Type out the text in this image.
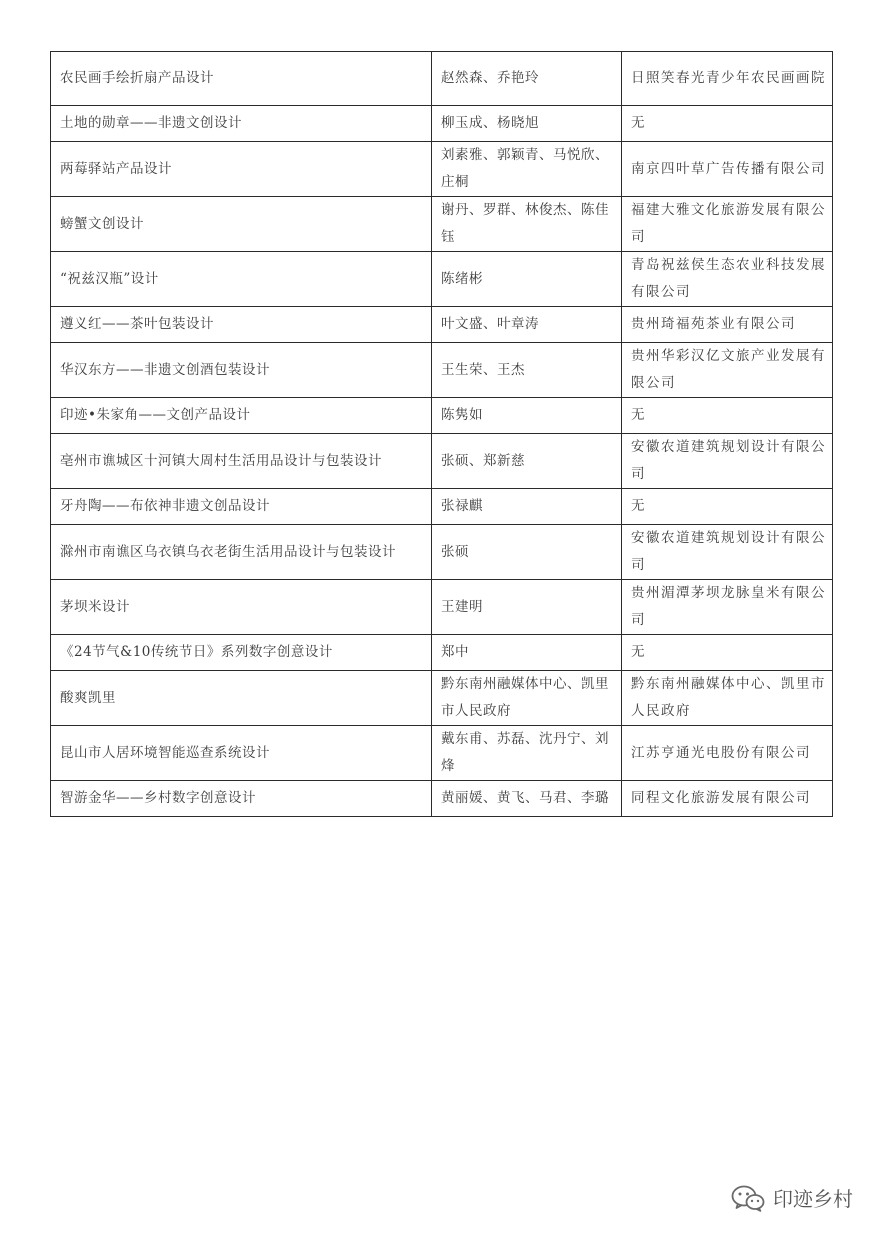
农民画手绘折扇产品设计	赵然森、乔艳玲	日照笑春光青少年农民画画院
土地的勋章——非遗文创设计	柳玉成、杨晓旭	无
两莓驿站产品设计	刘素雅、郭颖青、马悦欣、庄桐	南京四叶草广告传播有限公司
螃蟹文创设计	谢丹、罗群、林俊杰、陈佳钰	福建大雅文化旅游发展有限公司
“祝兹汉瓶”设计	陈绪彬	青岛祝兹侯生态农业科技发展有限公司
遵义红——茶叶包装设计	叶文盛、叶章涛	贵州琦福苑茶业有限公司
华汉东方——非遗文创酒包装设计	王生荣、王杰	贵州华彩汉亿文旅产业发展有限公司
印迹•朱家角——文创产品设计	陈隽如	无
亳州市谯城区十河镇大周村生活用品设计与包装设计	张硕、郑新慈	安徽农道建筑规划设计有限公司
牙舟陶——布依神非遗文创品设计	张禄麒	无
滁州市南谯区乌衣镇乌衣老街生活用品设计与包装设计	张硕	安徽农道建筑规划设计有限公司
茅坝米设计	王建明	贵州湄潭茅坝龙脉皇米有限公司
《24节气&10传统节日》系列数字创意设计	郑中	无
酸爽凯里	黔东南州融媒体中心、凯里市人民政府	黔东南州融媒体中心、凯里市人民政府
昆山市人居环境智能巡查系统设计	戴东甫、苏磊、沈丹宁、刘烽	江苏亨通光电股份有限公司
智游金华——乡村数字创意设计	黄丽媛、黄飞、马君、李璐	同程文化旅游发展有限公司
印迹乡村
